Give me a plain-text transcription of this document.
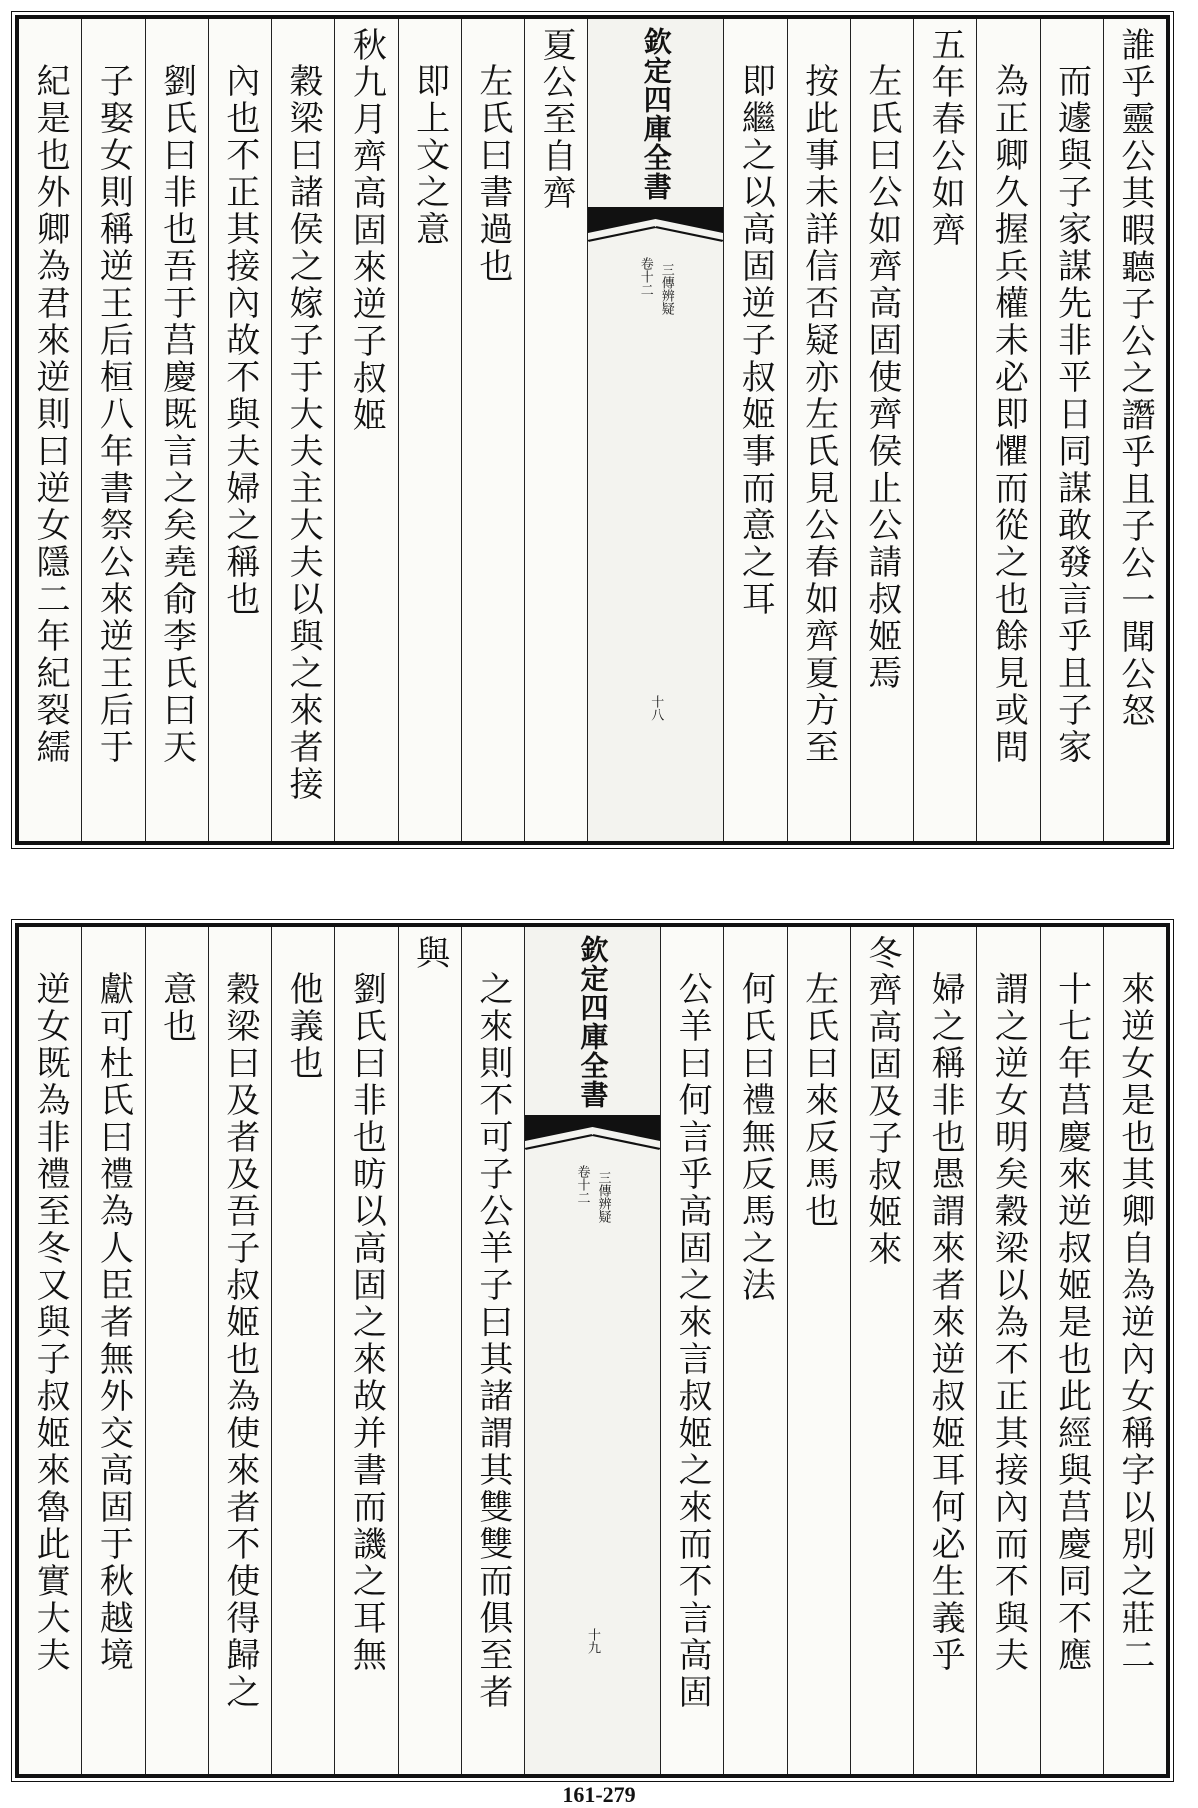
誰乎靈公其暇聽子公之譖乎且子公一聞公怒
而遽與子家謀先非平日同謀敢發言乎且子家
為正卿久握兵權未必即懼而從之也餘見或問
五年春公如齊
左氏曰公如齊高固使齊侯止公請叔姬焉
按此事未詳信否疑亦左氏見公春如齊夏方至
即繼之以高固逆子叔姬事而意之耳
欽定四庫全書
三傳辨疑
卷十二
十八
夏公至自齊
左氏曰書過也
即上文之意
秋九月齊高固來逆子叔姬
穀梁曰諸侯之嫁子于大夫主大夫以與之來者接
內也不正其接內故不與夫婦之稱也
劉氏曰非也吾于莒慶既言之矣堯俞李氏曰天
子娶女則稱逆王后桓八年書祭公來逆王后于
紀是也外卿為君來逆則曰逆女隱二年紀裂繻
來逆女是也其卿自為逆內女稱字以別之莊二
十七年莒慶來逆叔姬是也此經與莒慶同不應
謂之逆女明矣穀梁以為不正其接內而不與夫
婦之稱非也愚謂來者來逆叔姬耳何必生義乎
冬齊高固及子叔姬來
左氏曰來反馬也
何氏曰禮無反馬之法
公羊曰何言乎高固之來言叔姬之來而不言高固
欽定四庫全書
三傳辨疑
卷十二
十九
之來則不可子公羊子曰其諸謂其雙雙而俱至者
與
劉氏曰非也昉以高固之來故并書而譏之耳無
他義也
穀梁曰及者及吾子叔姬也為使來者不使得歸之
意也
獻可杜氏曰禮為人臣者無外交高固于秋越境
逆女既為非禮至冬又與子叔姬來魯此實大夫
161-279
